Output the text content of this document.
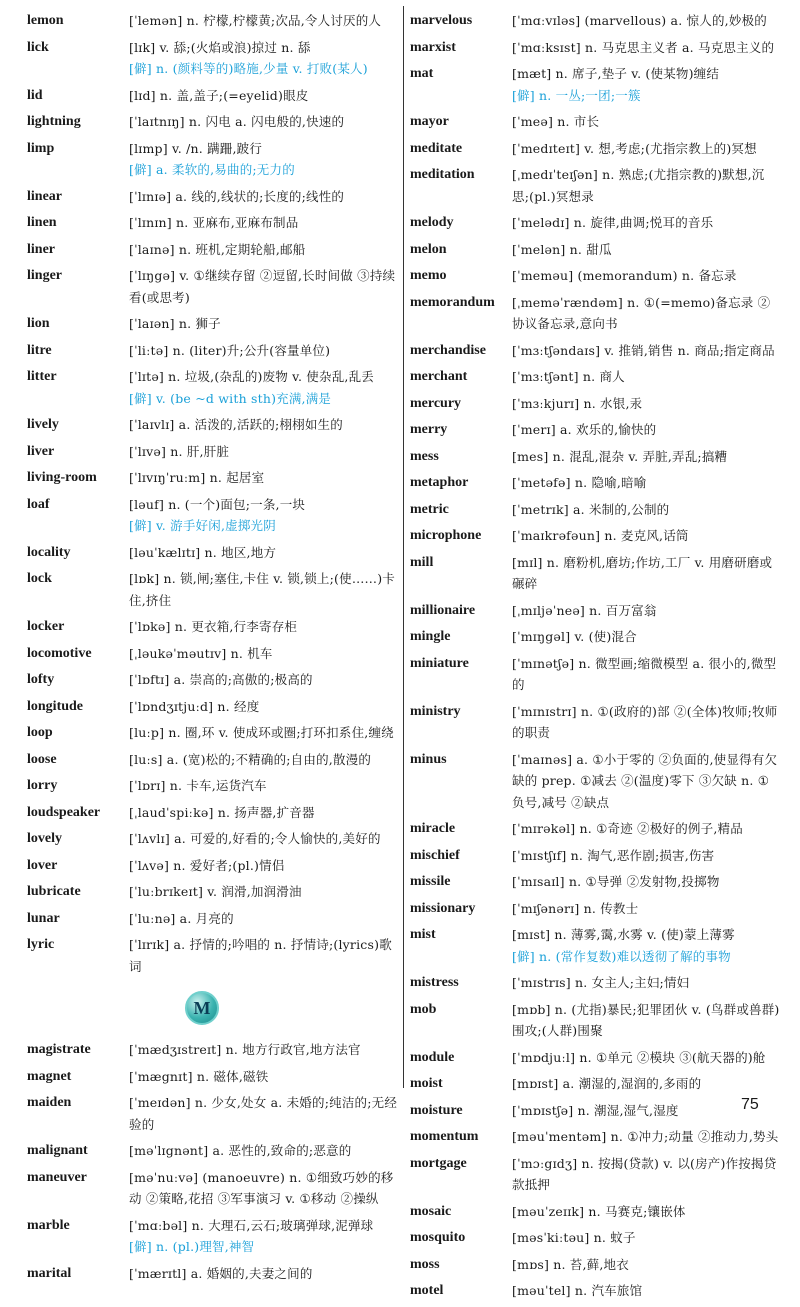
lemon	[ˈlemən] n. 柠檬,柠檬黄;次品,令人讨厌的人
lick	[lɪk] v. 舔;(火焰或浪)掠过 n. 舔
[僻] n. (颜料等的)略施,少量 v. 打败(某人)
lid	[lɪd] n. 盖,盖子;(=eyelid)眼皮
lightning	[ˈlaɪtnɪŋ] n. 闪电 a. 闪电般的,快速的
limp	[lɪmp] v. /n. 蹒跚,跛行
[僻] a. 柔软的,易曲的;无力的
linear	[ˈlɪnɪə] a. 线的,线状的;长度的;线性的
linen	[ˈlɪnɪn] n. 亚麻布,亚麻布制品
liner	[ˈlaɪnə] n. 班机,定期轮船,邮船
linger	[ˈlɪŋgə] v. ①继续存留 ②逗留,长时间做 ③持续看(或思考)
lion	[ˈlaɪən] n. 狮子
litre	[ˈliːtə] n. (liter)升;公升(容量单位)
litter	[ˈlɪtə] n. 垃圾,(杂乱的)废物 v. 使杂乱,乱丢
[僻] v. (be ~d with sth)充满,满是
lively	[ˈlaɪvlɪ] a. 活泼的,活跃的;栩栩如生的
liver	[ˈlɪvə] n. 肝,肝脏
living-room	[ˈlɪvɪŋˈruːm] n. 起居室
loaf	[ləuf] n. (一个)面包;一条,一块
[僻] v. 游手好闲,虚掷光阴
locality	[ləuˈkælɪtɪ] n. 地区,地方
lock	[lɒk] n. 锁,闸;塞住,卡住 v. 锁,锁上;(使……)卡住,挤住
locker	[ˈlɒkə] n. 更衣箱,行李寄存柜
locomotive	[ˌləukəˈməutɪv] n. 机车
lofty	[ˈlɒftɪ] a. 崇高的;高傲的;极高的
longitude	[ˈlɒndʒɪtjuːd] n. 经度
loop	[luːp] n. 圈,环 v. 使成环或圈;打环扣系住,缠绕
loose	[luːs] a. (宽)松的;不精确的;自由的,散漫的
lorry	[ˈlɒrɪ] n. 卡车,运货汽车
loudspeaker	[ˌlaudˈspiːkə] n. 扬声器,扩音器
lovely	[ˈlʌvlɪ] a. 可爱的,好看的;令人愉快的,美好的
lover	[ˈlʌvə] n. 爱好者;(pl.)情侣
lubricate	[ˈluːbrɪkeɪt] v. 润滑,加润滑油
lunar	[ˈluːnə] a. 月亮的
lyric	[ˈlɪrɪk] a. 抒情的;吟唱的 n. 抒情诗;(lyrics)歌词
M
magistrate	[ˈmædʒɪstreɪt] n. 地方行政官,地方法官
magnet	[ˈmægnɪt] n. 磁体,磁铁
maiden	[ˈmeɪdən] n. 少女,处女 a. 未婚的;纯洁的;无经验的
malignant	[məˈlɪgnənt] a. 恶性的,致命的;恶意的
maneuver	[məˈnuːvə] (manoeuvre) n. ①细致巧妙的移动 ②策略,花招 ③军事演习 v. ①移动 ②操纵
marble	[ˈmɑːbəl] n. 大理石,云石;玻璃弹球,泥弹球
[僻] n. (pl.)理智,神智
marital	[ˈmærɪtl] a. 婚姻的,夫妻之间的
marvelous	[ˈmɑːvɪləs] (marvellous) a. 惊人的,妙极的
marxist	[ˈmɑːksɪst] n. 马克思主义者 a. 马克思主义的
mat	[mæt] n. 席子,垫子 v. (使某物)缠结
[僻] n. 一丛;一团;一簇
mayor	[ˈmeə] n. 市长
meditate	[ˈmedɪteɪt] v. 想,考虑;(尤指宗教上的)冥想
meditation	[ˌmedɪˈteɪʃən] n. 熟虑;(尤指宗教的)默想,沉思;(pl.)冥想录
melody	[ˈmelədɪ] n. 旋律,曲调;悦耳的音乐
melon	[ˈmelən] n. 甜瓜
memo	[ˈmeməu] (memorandum) n. 备忘录
memorandum	[ˌmeməˈrændəm] n. ①(=memo)备忘录 ②协议备忘录,意向书
merchandise	[ˈmɜːtʃəndaɪs] v. 推销,销售 n. 商品;指定商品
merchant	[ˈmɜːtʃənt] n. 商人
mercury	[ˈmɜːkjurɪ] n. 水银,汞
merry	[ˈmerɪ] a. 欢乐的,愉快的
mess	[mes] n. 混乱,混杂 v. 弄脏,弄乱;搞糟
metaphor	[ˈmetəfə] n. 隐喻,暗喻
metric	[ˈmetrɪk] a. 米制的,公制的
microphone	[ˈmaɪkrəfəun] n. 麦克风,话筒
mill	[mɪl] n. 磨粉机,磨坊;作坊,工厂 v. 用磨研磨或碾碎
millionaire	[ˌmɪljəˈneə] n. 百万富翁
mingle	[ˈmɪŋgəl] v. (使)混合
miniature	[ˈmɪnətʃə] n. 微型画;缩微模型 a. 很小的,微型的
ministry	[ˈmɪnɪstrɪ] n. ①(政府的)部 ②(全体)牧师;牧师的职责
minus	[ˈmaɪnəs] a. ①小于零的 ②负面的,使显得有欠缺的 prep. ①减去 ②(温度)零下 ③欠缺 n. ①负号,减号 ②缺点
miracle	[ˈmɪrəkəl] n. ①奇迹 ②极好的例子,精品
mischief	[ˈmɪstʃɪf] n. 淘气,恶作剧;损害,伤害
missile	[ˈmɪsaɪl] n. ①导弹 ②发射物,投掷物
missionary	[ˈmɪʃənərɪ] n. 传教士
mist	[mɪst] n. 薄雾,霭,水雾 v. (使)蒙上薄雾
[僻] n. (常作复数)难以透彻了解的事物
mistress	[ˈmɪstrɪs] n. 女主人;主妇;情妇
mob	[mɒb] n. (尤指)暴民;犯罪团伙 v. (鸟群或兽群)围攻;(人群)围聚
module	[ˈmɒdjuːl] n. ①单元 ②模块 ③(航天器的)舱
moist	[mɒɪst] a. 潮湿的,湿润的,多雨的
moisture	[ˈmɒɪstʃə] n. 潮湿,湿气,湿度
momentum	[məuˈmentəm] n. ①冲力;动量 ②推动力,势头
mortgage	[ˈmɔːgɪdʒ] n. 按揭(贷款) v. 以(房产)作按揭贷款抵押
mosaic	[məuˈzeɪɪk] n. 马赛克;镶嵌体
mosquito	[məsˈkiːtəu] n. 蚊子
moss	[mɒs] n. 苔,藓,地衣
motel	[məuˈtel] n. 汽车旅馆
75
